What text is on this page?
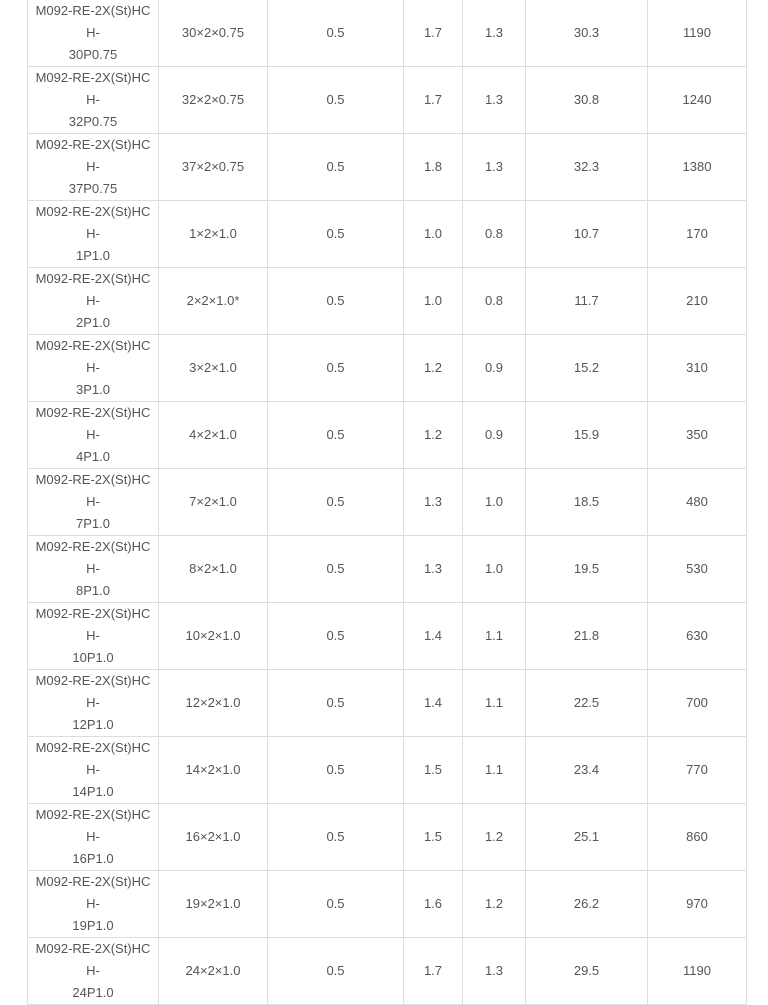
M092-RE-2X(St)HCH-
30P0.75	30×2×0.75	0.5	1.7	1.3	30.3	1190
M092-RE-2X(St)HCH-
32P0.75	32×2×0.75	0.5	1.7	1.3	30.8	1240
M092-RE-2X(St)HCH-
37P0.75	37×2×0.75	0.5	1.8	1.3	32.3	1380
M092-RE-2X(St)HCH-
1P1.0	1×2×1.0	0.5	1.0	0.8	10.7	170
M092-RE-2X(St)HCH-
2P1.0	2×2×1.0*	0.5	1.0	0.8	11.7	210
M092-RE-2X(St)HCH-
3P1.0	3×2×1.0	0.5	1.2	0.9	15.2	310
M092-RE-2X(St)HCH-
4P1.0	4×2×1.0	0.5	1.2	0.9	15.9	350
M092-RE-2X(St)HCH-
7P1.0	7×2×1.0	0.5	1.3	1.0	18.5	480
M092-RE-2X(St)HCH-
8P1.0	8×2×1.0	0.5	1.3	1.0	19.5	530
M092-RE-2X(St)HCH-
10P1.0	10×2×1.0	0.5	1.4	1.1	21.8	630
M092-RE-2X(St)HCH-
12P1.0	12×2×1.0	0.5	1.4	1.1	22.5	700
M092-RE-2X(St)HCH-
14P1.0	14×2×1.0	0.5	1.5	1.1	23.4	770
M092-RE-2X(St)HCH-
16P1.0	16×2×1.0	0.5	1.5	1.2	25.1	860
M092-RE-2X(St)HCH-
19P1.0	19×2×1.0	0.5	1.6	1.2	26.2	970
M092-RE-2X(St)HCH-
24P1.0	24×2×1.0	0.5	1.7	1.3	29.5	1190
